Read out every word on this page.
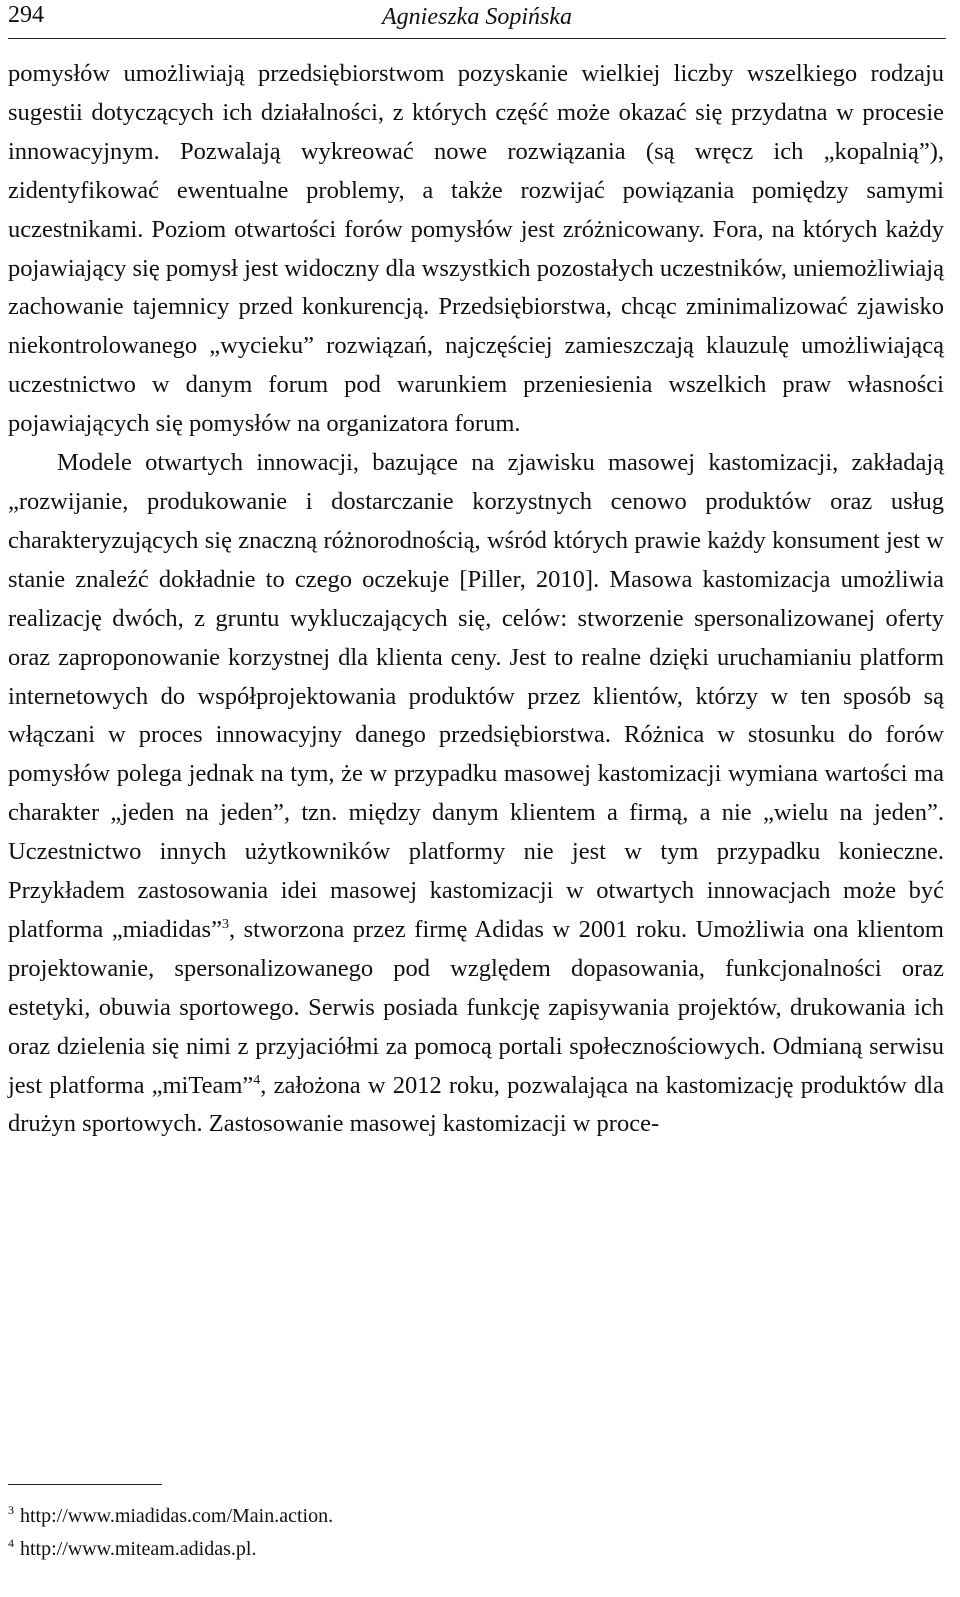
294	Agnieszka Sopińska

pomysłów umożliwiają przedsiębiorstwom pozyskanie wielkiej liczby wszelkiego rodzaju sugestii dotyczących ich działalności, z których część może okazać się przydatna w procesie innowacyjnym. Pozwalają wykreować nowe rozwiązania (są wręcz ich „kopalnią”), zidentyfikować ewentualne problemy, a także rozwijać powiązania pomiędzy samymi uczestnikami. Poziom otwartości forów pomysłów jest zróżnicowany. Fora, na których każdy pojawiający się pomysł jest widoczny dla wszystkich pozostałych uczestników, uniemożliwiają zachowanie tajemnicy przed konkurencją. Przedsiębiorstwa, chcąc zminimalizować zjawisko niekontrolowanego „wycieku” rozwiązań, najczęściej zamieszczają klauzulę umożliwiającą uczestnictwo w danym forum pod warunkiem przeniesienia wszelkich praw własności pojawiających się pomysłów na organizatora forum.

Modele otwartych innowacji, bazujące na zjawisku masowej kastomizacji, zakładają „rozwijanie, produkowanie i dostarczanie korzystnych cenowo produktów oraz usług charakteryzujących się znaczną różnorodnością, wśród których prawie każdy konsument jest w stanie znaleźć dokładnie to czego oczekuje [Piller, 2010]. Masowa kastomizacja umożliwia realizację dwóch, z gruntu wykluczających się, celów: stworzenie spersonalizowanej oferty oraz zaproponowanie korzystnej dla klienta ceny. Jest to realne dzięki uruchamianiu platform internetowych do współprojektowania produktów przez klientów, którzy w ten sposób są włączani w proces innowacyjny danego przedsiębiorstwa. Różnica w stosunku do forów pomysłów polega jednak na tym, że w przypadku masowej kastomizacji wymiana wartości ma charakter „jeden na jeden”, tzn. między danym klientem a firmą, a nie „wielu na jeden”. Uczestnictwo innych użytkowników platformy nie jest w tym przypadku konieczne. Przykładem zastosowania idei masowej kastomizacji w otwartych innowacjach może być platforma „miadidas”$^3$, stworzona przez firmę Adidas w 2001 roku. Umożliwia ona klientom projektowanie, spersonalizowanego pod względem dopasowania, funkcjonalności oraz estetyki, obuwia sportowego. Serwis posiada funkcję zapisywania projektów, drukowania ich oraz dzielenia się nimi z przyjaciółmi za pomocą portali społecznościowych. Odmianą serwisu jest platforma „miTeam”$^4$, założona w 2012 roku, pozwalająca na kastomizację produktów dla drużyn sportowych. Zastosowanie masowej kastomizacji w proce-

$^3$ http://www.miadidas.com/Main.action.
$^4$ http://www.miteam.adidas.pl.
